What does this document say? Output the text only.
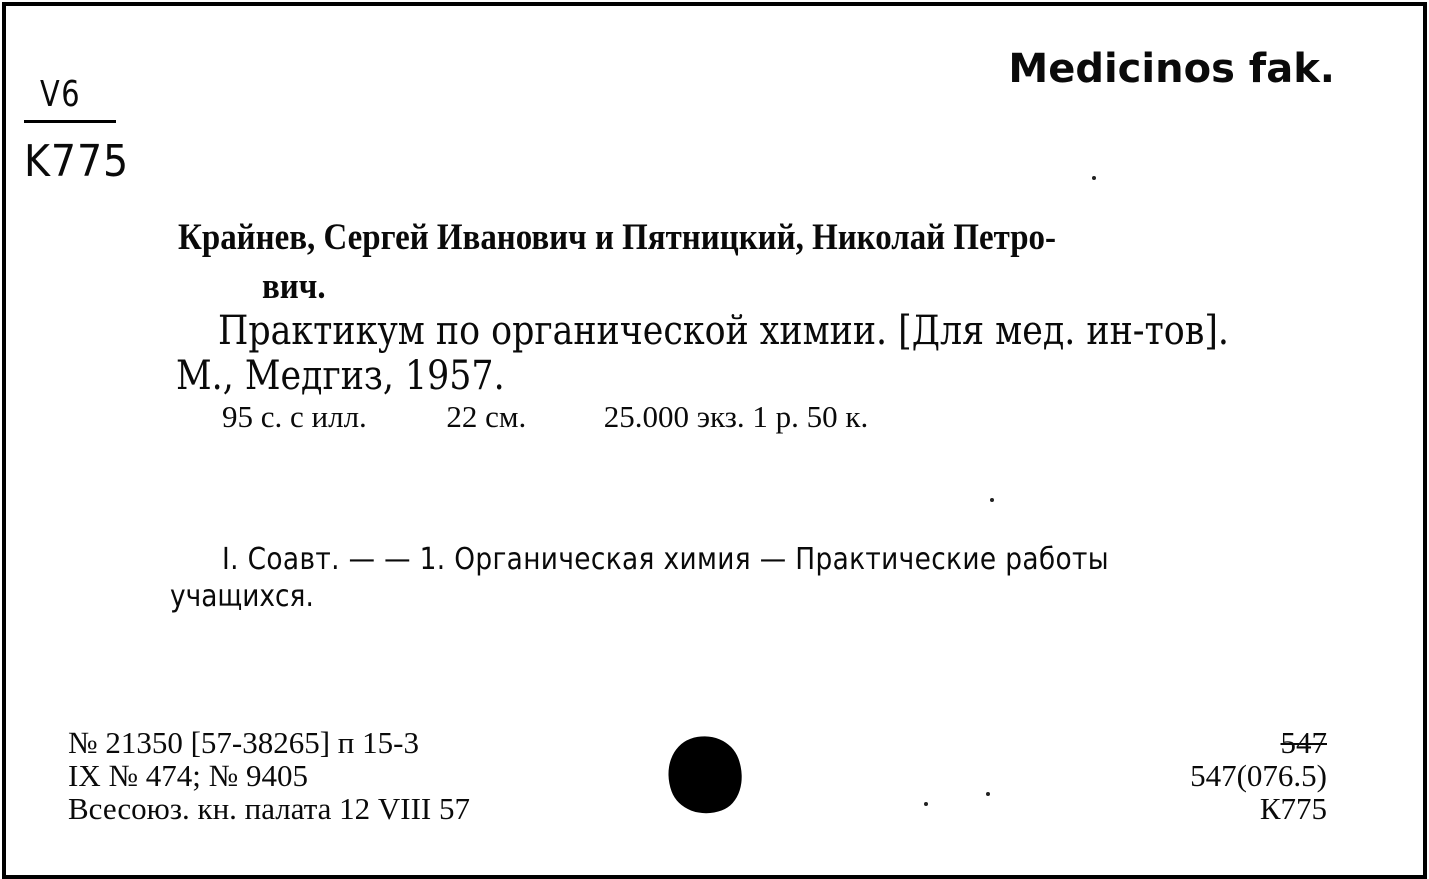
V6
K775
Medicinos fak.
Крайнев, Сергей Иванович и Пятницкий, Николай Петро-
вич.
Практикум по органической химии. [Для мед. ин-тов].
М., Медгиз, 1957.
95 с. с илл.	22 см.	25.000 экз. 1 р. 50 к.
I. Соавт. — — 1. Органическая химия — Практические работы
учащихся.
№ 21350 [57-38265] п 15-3
IX № 474; № 9405
Всесоюз. кн. палата 12 VIII 57
547
547(076.5)
К775
